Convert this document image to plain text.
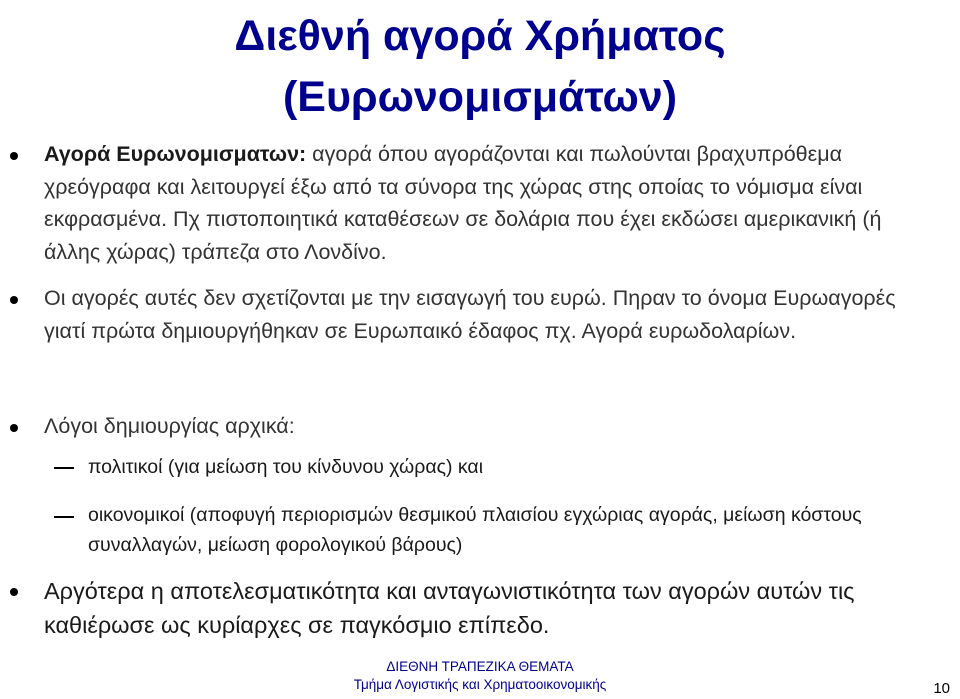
Διεθνή αγορά Χρήματος
(Ευρωνομισμάτων)
Αγορά Ευρωνομισματων: αγορά όπου αγοράζονται και πωλούνται βραχυπρόθεμα χρεόγραφα και λειτουργεί έξω από τα σύνορα της χώρας στης οποίας το νόμισμα είναι εκφρασμένα. Πχ πιστοποιητικά καταθέσεων σε δολάρια που έχει εκδώσει αμερικανική (ή άλλης χώρας) τράπεζα στο Λονδίνο.
Οι αγορές αυτές δεν σχετίζονται με την εισαγωγή του ευρώ. Πηραν το όνομα Ευρωαγορές γιατί πρώτα δημιουργήθηκαν σε Ευρωπαικό έδαφος πχ. Αγορά ευρωδολαρίων.
Λόγοι δημιουργίας αρχικά:
πολιτικοί (για μείωση του κίνδυνου χώρας) και
οικονομικοί (αποφυγή περιορισμών θεσμικού πλαισίου εγχώριας αγοράς, μείωση κόστους συναλλαγών, μείωση φορολογικού βάρους)
Αργότερα η αποτελεσματικότητα και ανταγωνιστικότητα των αγορών αυτών τις καθιέρωσε ως κυρίαρχες σε παγκόσμιο επίπεδο.
ΔΙΕΘΝΗ ΤΡΑΠΕΖΙΚΑ ΘΕΜΑΤΑ
Τμήμα Λογιστικής και Χρηματοοικονομικής	10
